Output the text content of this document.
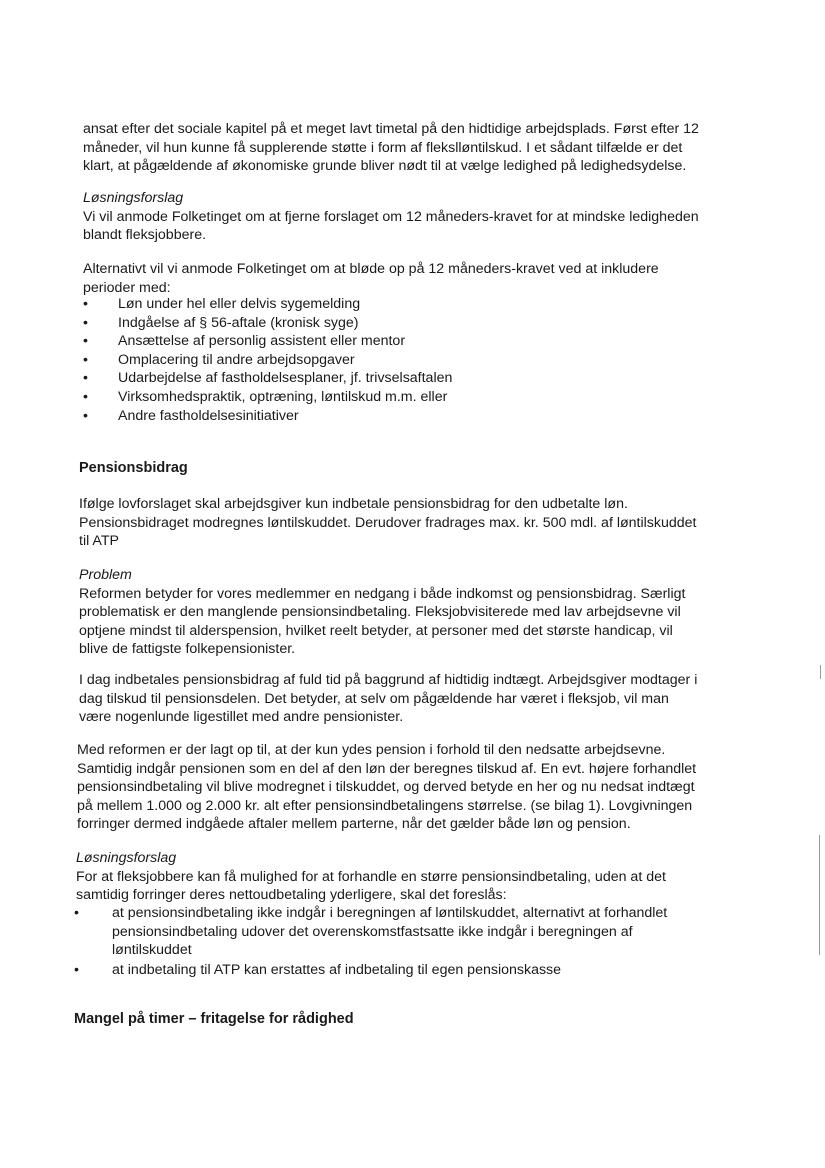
ansat efter det sociale kapitel på et meget lavt timetal på den hidtidige arbejdsplads. Først efter 12

måneder, vil hun kunne få supplerende støtte i form af flekslløntilskud. I et sådant tilfælde er det

klart, at pågældende af økonomiske grunde bliver nødt til at vælge ledighed på ledighedsydelse.

Løsningsforslag

Vi vil anmode Folketinget om at fjerne forslaget om 12 måneders-kravet for at mindske ledigheden

blandt fleksjobbere.

Alternativt vil vi anmode Folketinget om at bløde op på 12 måneders-kravet ved at inkludere

perioder med:

• Løn under hel eller delvis sygemelding
• Indgåelse af § 56-aftale (kronisk syge)
• Ansættelse af personlig assistent eller mentor
• Omplacering til andre arbejdsopgaver
• Udarbejdelse af fastholdelsesplaner, jf. trivselsaftalen
• Virksomhedspraktik, optræning, løntilskud m.m. eller
• Andre fastholdelsesinitiativer
Pensionsbidrag

Ifølge lovforslaget skal arbejdsgiver kun indbetale pensionsbidrag for den udbetalte løn.

Pensionsbidraget modregnes løntilskuddet. Derudover fradrages max. kr. 500 mdl. af løntilskuddet

til ATP

Problem

Reformen betyder for vores medlemmer en nedgang i både indkomst og pensionsbidrag. Særligt

problematisk er den manglende pensionsindbetaling. Fleksjobvisiterede med lav arbejdsevne vil

optjene mindst til alderspension, hvilket reelt betyder, at personer med det største handicap, vil

blive de fattigste folkepensionister.

I dag indbetales pensionsbidrag af fuld tid på baggrund af hidtidig indtægt. Arbejdsgiver modtager i

dag tilskud til pensionsdelen. Det betyder, at selv om pågældende har været i fleksjob, vil man

være nogenlunde ligestillet med andre pensionister.

Med reformen er der lagt op til, at der kun ydes pension i forhold til den nedsatte arbejdsevne.

Samtidig indgår pensionen som en del af den løn der beregnes tilskud af. En evt. højere forhandlet

pensionsindbetaling vil blive modregnet i tilskuddet, og derved betyde en her og nu nedsat indtægt

på mellem 1.000 og 2.000 kr. alt efter pensionsindbetalingens størrelse. (se bilag 1). Lovgivningen

forringer dermed indgåede aftaler mellem parterne, når det gælder både løn og pension.

Løsningsforslag

For at fleksjobbere kan få mulighed for at forhandle en større pensionsindbetaling, uden at det

samtidig forringer deres nettoudbetaling yderligere, skal det foreslås:

• at pensionsindbetaling ikke indgår i beregningen af løntilskuddet, alternativt at forhandlet
pensionsindbetaling udover det overenskomstfastsatte ikke indgår i beregningen af
løntilskuddet
• at indbetaling til ATP kan erstattes af indbetaling til egen pensionskasse
Mangel på timer – fritagelse for rådighed
